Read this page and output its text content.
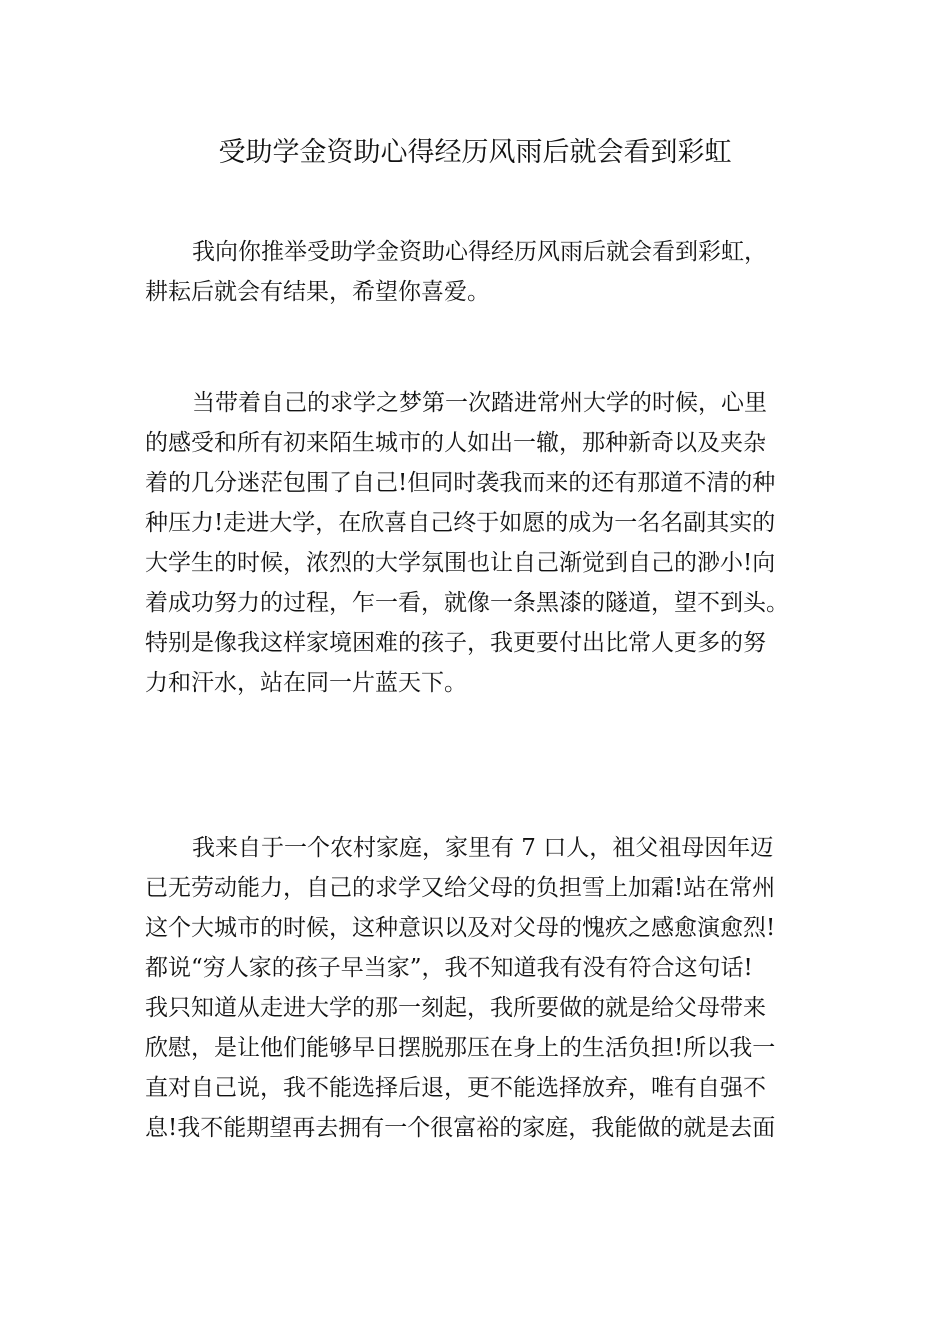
受助学金资助心得经历风雨后就会看到彩虹
我向你推举受助学金资助心得经历风雨后就会看到彩虹，
耕耘后就会有结果，希望你喜爱。
当带着自己的求学之梦第一次踏进常州大学的时候，心里
的感受和所有初来陌生城市的人如出一辙，那种新奇以及夹杂
着的几分迷茫包围了自己!但同时袭我而来的还有那道不清的种
种压力!走进大学，在欣喜自己终于如愿的成为一名名副其实的
大学生的时候，浓烈的大学氛围也让自己渐觉到自己的渺小!向
着成功努力的过程，乍一看，就像一条黑漆的隧道，望不到头。
特别是像我这样家境困难的孩子，我更要付出比常人更多的努
力和汗水，站在同一片蓝天下。
我来自于一个农村家庭，家里有 7 口人，祖父祖母因年迈
已无劳动能力，自己的求学又给父母的负担雪上加霜!站在常州
这个大城市的时候，这种意识以及对父母的愧疚之感愈演愈烈!
都说“穷人家的孩子早当家”，我不知道我有没有符合这句话!
我只知道从走进大学的那一刻起，我所要做的就是给父母带来
欣慰，是让他们能够早日摆脱那压在身上的生活负担!所以我一
直对自己说，我不能选择后退，更不能选择放弃，唯有自强不
息!我不能期望再去拥有一个很富裕的家庭，我能做的就是去面
